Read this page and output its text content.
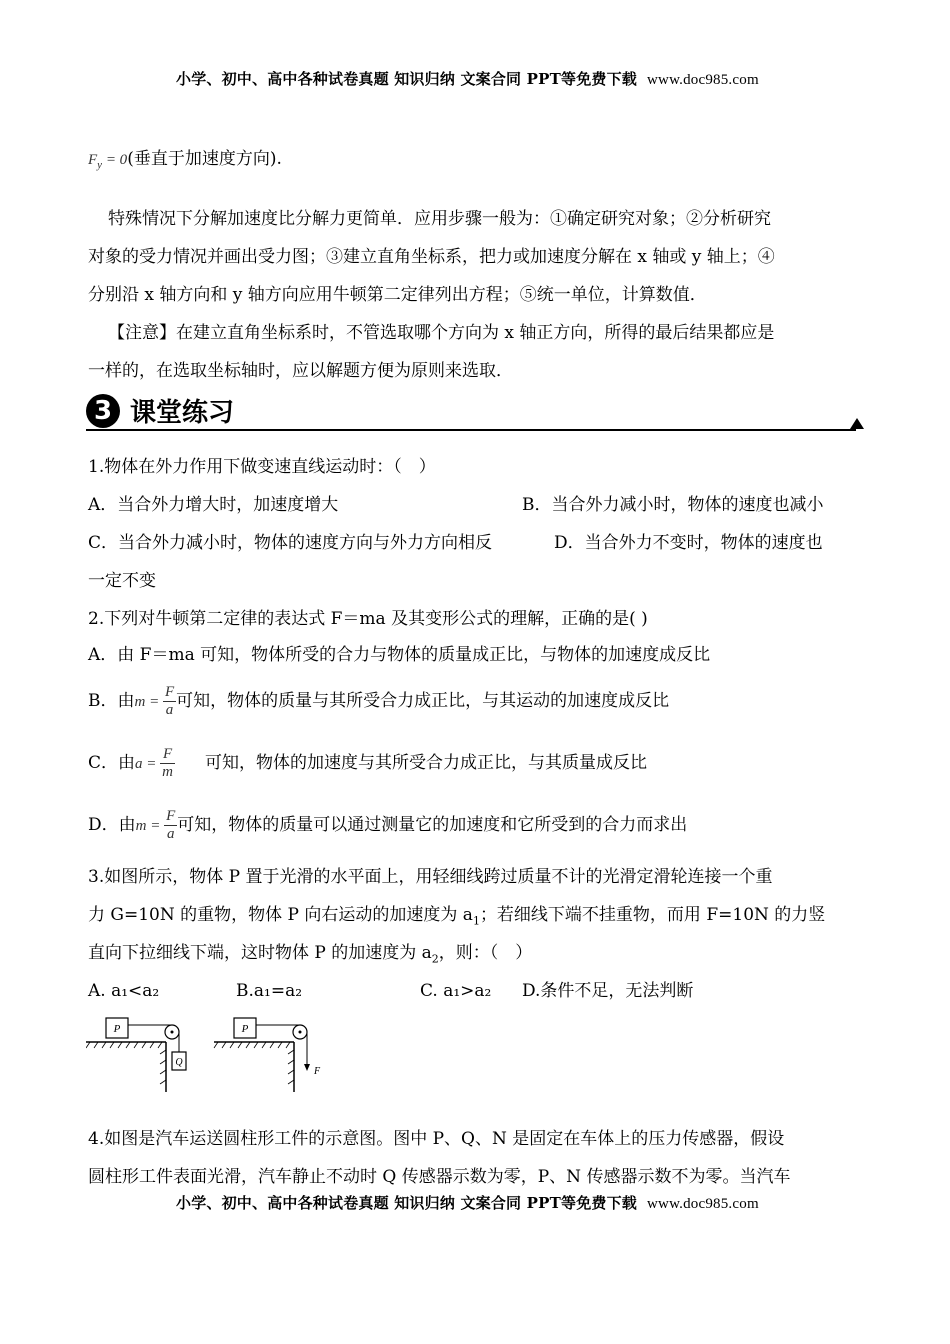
小学、初中、高中各种试卷真题 知识归纳 文案合同 PPT等免费下载 www.doc985.com
$F_y = 0$(垂直于加速度方向).
特殊情况下分解加速度比分解力更简单．应用步骤一般为：①确定研究对象；②分析研究
对象的受力情况并画出受力图；③建立直角坐标系，把力或加速度分解在 x 轴或 y 轴上；④
分别沿 x 轴方向和 y 轴方向应用牛顿第二定律列出方程；⑤统一单位，计算数值．
【注意】在建立直角坐标系时，不管选取哪个方向为 x 轴正方向，所得的最后结果都应是
一样的，在选取坐标轴时，应以解题方便为原则来选取．
3 课堂练习
1.物体在外力作用下做变速直线运动时：（　）
A．当合外力增大时，加速度增大	B．当合外力减小时，物体的速度也减小
C．当合外力减小时，物体的速度方向与外力方向相反	D．当合外力不变时，物体的速度也
一定不变
2.下列对牛顿第二定律的表达式 F＝ma 及其变形公式的理解，正确的是( )
A．由 F＝ma 可知，物体所受的合力与物体的质量成正比，与物体的加速度成反比
B．由$m = \frac{F}{a}$ 可知，物体的质量与其所受合力成正比，与其运动的加速度成反比
C．由$a = \frac{F}{m}$ 可知，物体的加速度与其所受合力成正比，与其质量成反比
D．由$m = \frac{F}{a}$ 可知，物体的质量可以通过测量它的加速度和它所受到的合力而求出
3.如图所示，物体 P 置于光滑的水平面上，用轻细线跨过质量不计的光滑定滑轮连接一个重
力 G=10N 的重物，物体 P 向右运动的加速度为 $a_1$；若细线下端不挂重物，而用 F=10N 的力竖
直向下拉细线下端，这时物体 P 的加速度为 $a_2$，则：（　）
A. a₁<a₂	B.a₁=a₂	C. a₁>a₂ D.条件不足，无法判断
P
Q
P
F
4.如图是汽车运送圆柱形工件的示意图。图中 P、Q、N 是固定在车体上的压力传感器，假设
圆柱形工件表面光滑，汽车静止不动时 Q 传感器示数为零，P、N 传感器示数不为零。当汽车
小学、初中、高中各种试卷真题 知识归纳 文案合同 PPT等免费下载 www.doc985.com
